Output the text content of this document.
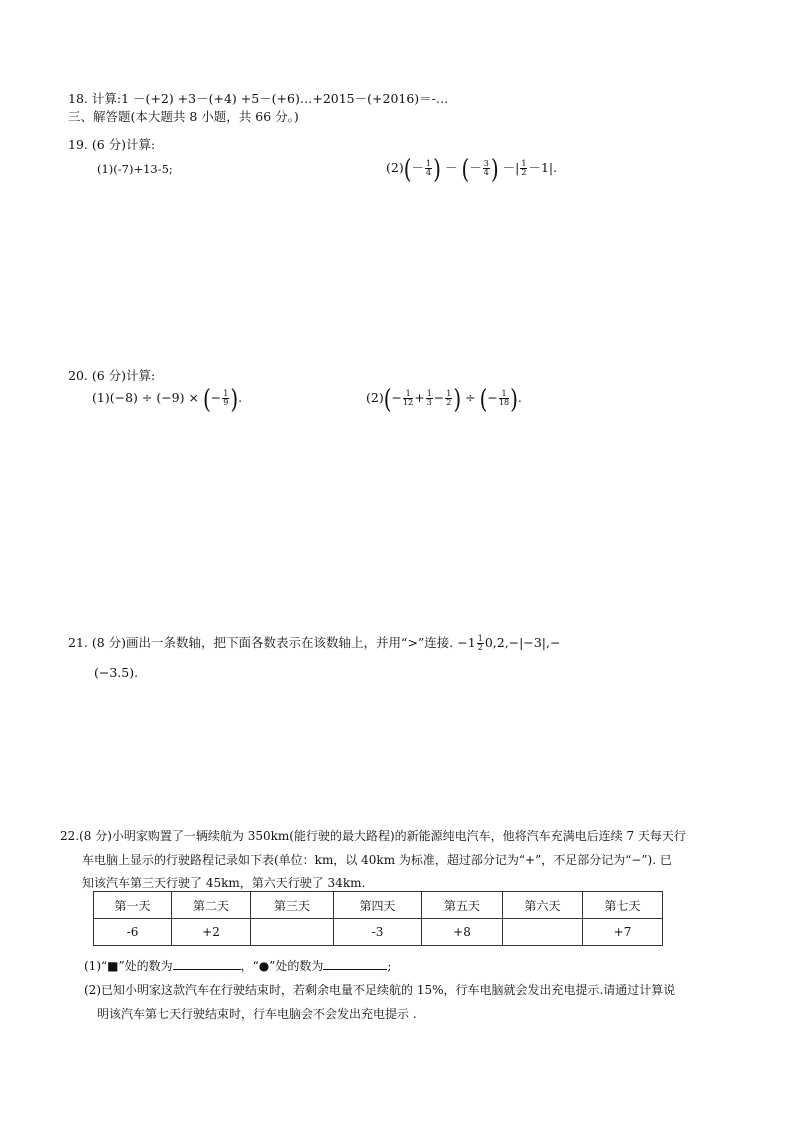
18. 计算:1 －(+2) +3－(+4) +5－(+6)…+2015－(+2016)＝-…
三、解答题(本大题共 8 小题，共 66 分。)
19. (6 分)计算:
(1)(-7)+13-5;	$(2)(- \frac{1}{4}$ ) － (－ $\frac{3}{4}$ ) －| $\frac{1}{2} -1|$.
20. (6 分)计算:
(1)(−8) ÷ (−9) × (− $\frac{1}{9}$ ).	$(2)(- \frac{1}{12} + \frac{1}{3} - \frac{1}{2}$ ) ÷ (− $\frac{1}{18}$ ).
21. (8 分)画出一条数轴，把下面各数表示在该数轴上，并用“>”连接. $-1 \frac{1}{2} 0,2,-|-3|,-$
(−3.5).
22.(8 分)小明家购置了一辆续航为 350km(能行驶的最大路程)的新能源纯电汽车，他将汽车充满电后连续 7 天每天行
车电脑上显示的行驶路程记录如下表(单位：km，以 40km 为标准，超过部分记为“+”，不足部分记为“−”). 已
知该汽车第三天行驶了 45km，第六天行驶了 34km.
第一天	第二天	第三天	第四天	第五天	第六天	第七天
-6	+2		-3	+8		+7
(1)“■”处的数为	，“●”处的数为	;
(2)已知小明家这款汽车在行驶结束时，若剩余电量不足续航的 15%，行车电脑就会发出充电提示.请通过计算说
明该汽车第七天行驶结束时，行车电脑会不会发出充电提示 .
